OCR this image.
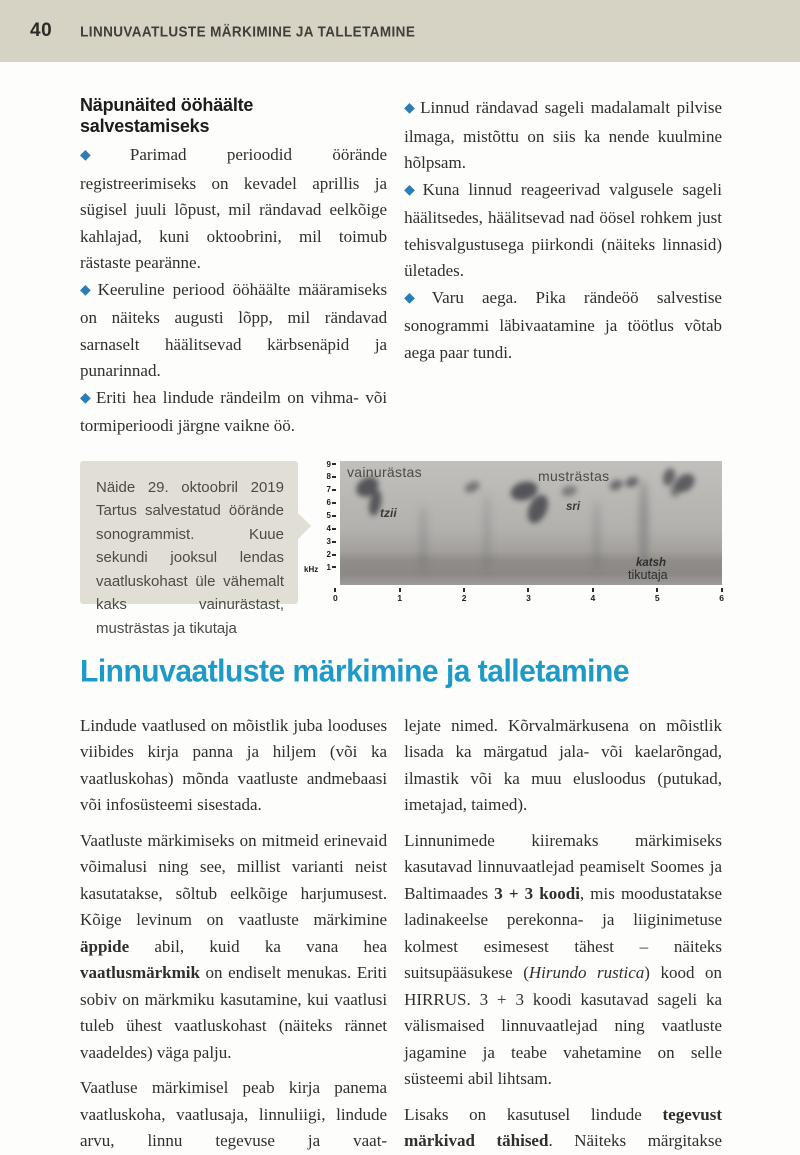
40 LINNUVAATLUSTE MÄRKIMINE JA TALLETAMINE
Näpunäited ööhäälte salvestamiseks

◆ Parimad perioodid öörände registreerimiseks on kevadel aprillis ja sügisel juuli lõpust, mil rändavad eelkõige kahlajad, kuni oktoobrini, mil toimub rästaste pearänne.

◆ Keeruline periood ööhäälte määramiseks on näiteks augusti lõpp, mil rändavad sarnaselt häälitsevad kärbsenäpid ja punarinnad.

◆ Eriti hea lindude rändeilm on vihma- või tormiperioodi järgne vaikne öö.

◆ Linnud rändavad sageli madalamalt pilvise ilmaga, mistõttu on siis ka nende kuulmine hõlpsam.

◆ Kuna linnud reageerivad valgusele sageli häälitsedes, häälitsevad nad öösel rohkem just tehisvalgustusega piirkondi (näiteks linnasid) ületades.

◆ Varu aega. Pika rändeöö salvestise sonogrammi läbivaatamine ja töötlus võtab aega paar tundi.

Näide 29. oktoobril 2019 Tartus salvestatud öörände sonogrammist. Kuue sekundi jooksul lendas vaatluskohast üle vähemalt kaks vainurästast, musträstas ja tikutaja

9
8
7
6
5
4
3
2
1
kHz
vainurästas
tzii
musträstas
sri
katsh
tikutaja
0	1	2	3	4	5	6
Linnuvaatluste märkimine ja talletamine

Lindude vaatlused on mõistlik juba looduses viibides kirja panna ja hiljem (või ka vaatluskohas) mõnda vaatluste andmebaasi või infosüsteemi sisestada.

Vaatluste märkimiseks on mitmeid erinevaid võimalusi ning see, millist varianti neist kasutatakse, sõltub eelkõige harjumusest. Kõige levinum on vaatluste märkimine äppide abil, kuid ka vana hea vaatlusmärkmik on endiselt menukas. Eriti sobiv on märkmiku kasutamine, kui vaatlusi tuleb ühest vaatluskohast (näiteks rännet vaadeldes) väga palju.

Vaatluse märkimisel peab kirja panema vaatluskoha, vaatlusaja, linnuliigi, lindude arvu, linnu tegevuse ja vaat-

lejate nimed. Kõrvalmärkusena on mõistlik lisada ka märgatud jala- või kaelarõngad, ilmastik või ka muu elusloodus (putukad, imetajad, taimed).

Linnunimede kiiremaks märkimiseks kasutavad linnuvaatlejad peamiselt Soomes ja Baltimaades 3 + 3 koodi, mis moodustatakse ladinakeelse perekonna- ja liiginimetuse kolmest esimesest tähest – näiteks suitsupääsukese (Hirundo rustica) kood on HIRRUS. 3 + 3 koodi kasutavad sageli ka välismaised linnuvaatlejad ning vaatluste jagamine ja teabe vahetamine on selle süsteemi abil lihtsam.

Lisaks on kasutusel lindude tegevust märkivad tähised. Näiteks märgitakse
